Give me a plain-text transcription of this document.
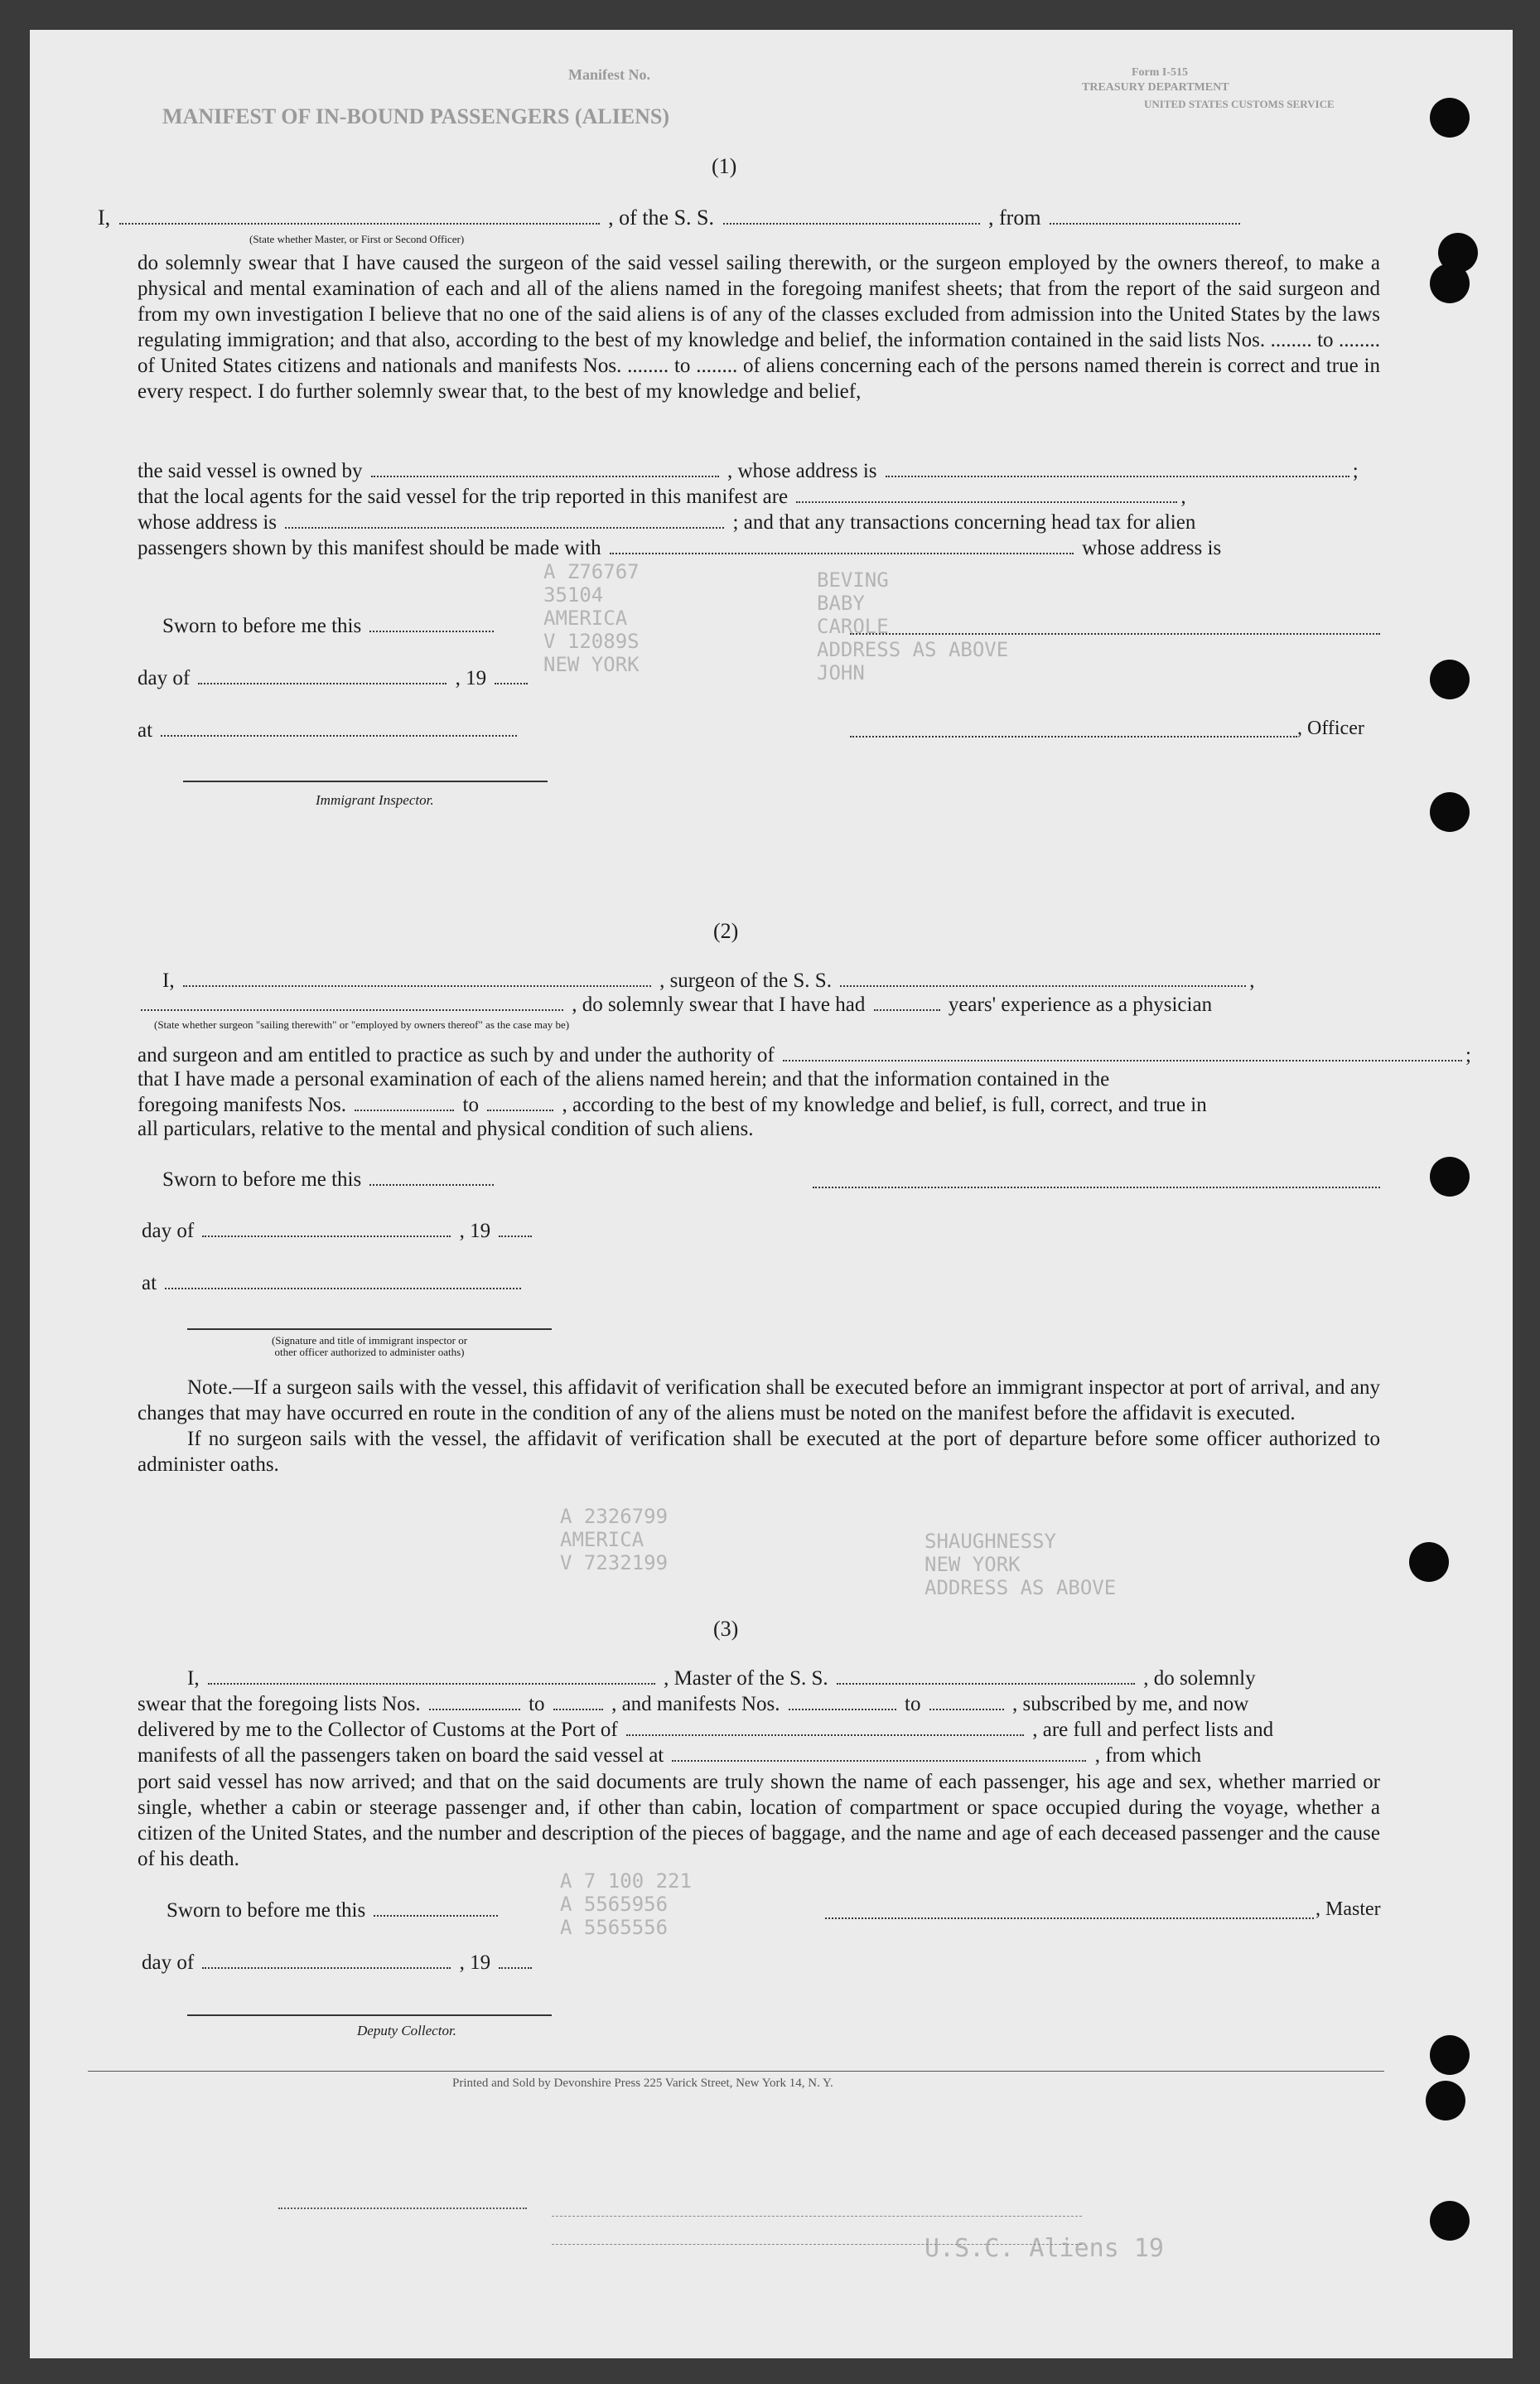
MANIFEST OF IN-BOUND PASSENGERS (ALIENS)
Manifest No.	Form I-515
TREASURY DEPARTMENT
UNITED STATES CUSTOMS SERVICE
A Z76767
35104
AMERICA
V 12089S
NEW YORK
BEVING
BABY
CAROLE
ADDRESS AS ABOVE
JOHN
A 2326799
AMERICA
V 7232199
SHAUGHNESSY
NEW YORK
ADDRESS AS ABOVE
A 7 100 221
A 5565956
A 5565556
U.S.C. Aliens 19
(1)
I,	, of the S. S.	, from
(State whether Master, or First or Second Officer)

do solemnly swear that I have caused the surgeon of the said vessel sailing therewith, or the surgeon employed by the owners thereof, to make a physical and mental examination of each and all of the aliens named in the foregoing manifest sheets; that from the report of the said surgeon and from my own investigation I believe that no one of the said aliens is of any of the classes excluded from admission into the United States by the laws regulating immigration; and that also, according to the best of my knowledge and belief, the information contained in the said lists Nos. ........ to ........ of United States citizens and nationals and manifests Nos. ........ to ........ of aliens concerning each of the persons named therein is correct and true in every respect. I do further solemnly swear that, to the best of my knowledge and belief,

the said vessel is owned by	, whose address is	;
that the local agents for the said vessel for the trip reported in this manifest are	,
whose address is	; and that any transactions concerning head tax for alien
passengers shown by this manifest should be made with	whose address is
Sworn to before me this
day of	, 19
at	, Officer
Immigrant Inspector.
(2)
I,	, surgeon of the S. S.	,
, do solemnly swear that I have had	years' experience as a physician
(State whether surgeon "sailing therewith" or "employed by owners thereof" as the case may be)
and surgeon and am entitled to practice as such by and under the authority of	;
that I have made a personal examination of each of the aliens named herein; and that the information contained in the
foregoing manifests Nos.	to	, according to the best of my knowledge and belief, is full, correct, and true in
all particulars, relative to the mental and physical condition of such aliens.
Sworn to before me this
day of	, 19
at
(Signature and title of immigrant inspector or
other officer authorized to administer oaths)

Note.—If a surgeon sails with the vessel, this affidavit of verification shall be executed before an immigrant inspector at port of arrival, and any changes that may have occurred en route in the condition of any of the aliens must be noted on the manifest before the affidavit is executed.

If no surgeon sails with the vessel, the affidavit of verification shall be executed at the port of departure before some officer authorized to administer oaths.

(3)
I,	, Master of the S. S.	, do solemnly
swear that the foregoing lists Nos.	to	, and manifests Nos.	to	, subscribed by me, and now
delivered by me to the Collector of Customs at the Port of	, are full and perfect lists and
manifests of all the passengers taken on board the said vessel at	, from which

port said vessel has now arrived; and that on the said documents are truly shown the name of each passenger, his age and sex, whether married or single, whether a cabin or steerage passenger and, if other than cabin, location of compartment or space occupied during the voyage, whether a citizen of the United States, and the number and description of the pieces of baggage, and the name and age of each deceased passenger and the cause of his death.

Sworn to before me this	, Master
day of	, 19
Deputy Collector.
Printed and Sold by Devonshire Press 225 Varick Street, New York 14, N. Y.
